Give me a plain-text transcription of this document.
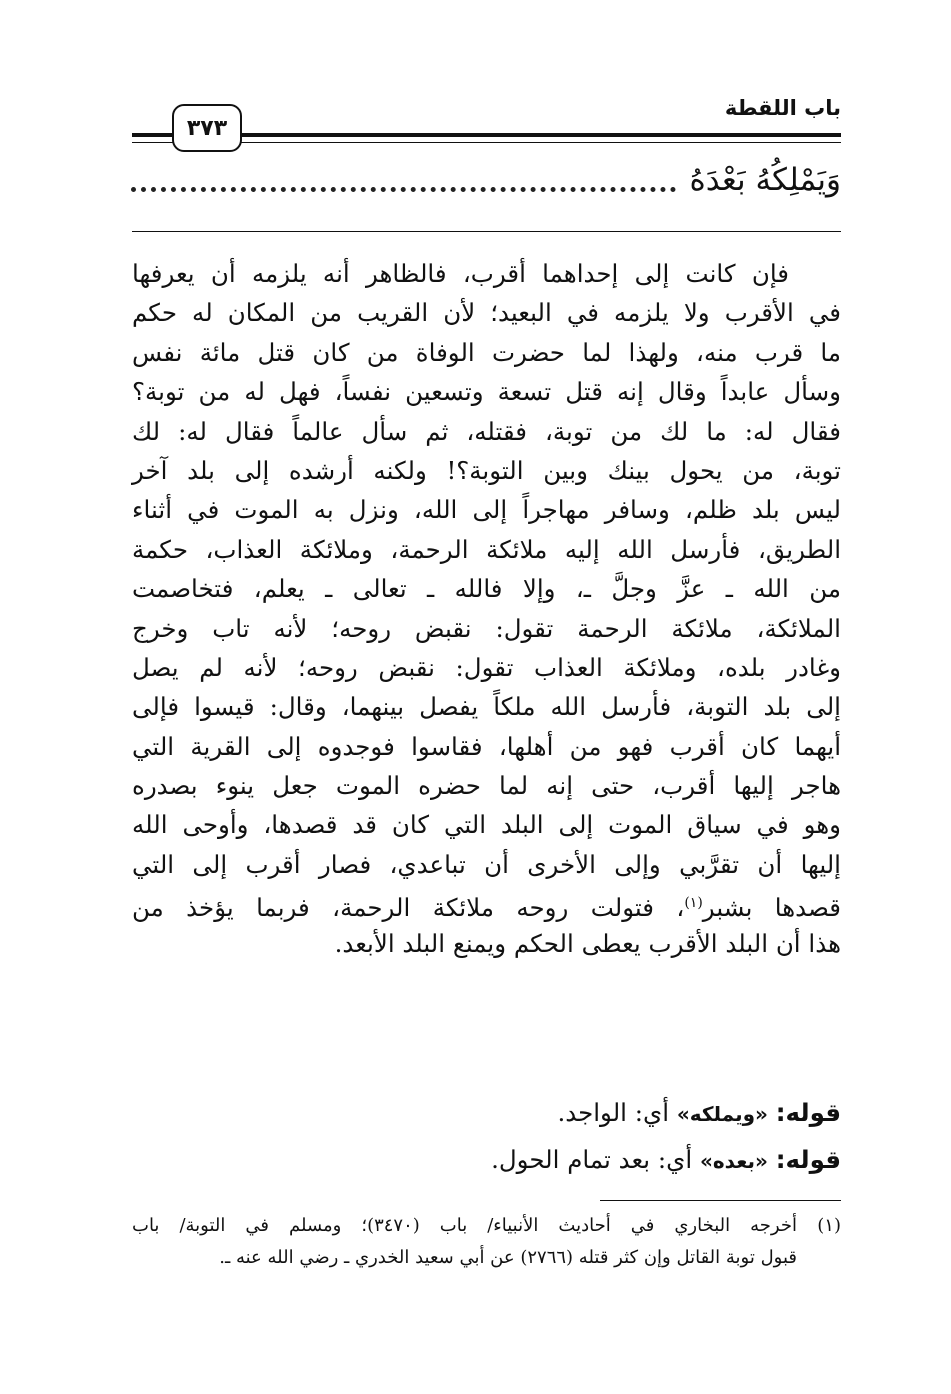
باب اللقطة
٣٧٣
وَيَمْلِكُهُ بَعْدَهُ
فإن كانت إلى إحداهما أقرب، فالظاهر أنه يلزمه أن يعرفها
في الأقرب ولا يلزمه في البعيد؛ لأن القريب من المكان له حكم
ما قرب منه، ولهذا لما حضرت الوفاة من كان قتل مائة نفس
وسأل عابداً وقال إنه قتل تسعة وتسعين نفساً، فهل له من توبة؟
فقال له: ما لك من توبة، فقتله، ثم سأل عالماً فقال له: لك
توبة، من يحول بينك وبين التوبة؟! ولكنه أرشده إلى بلد آخر
ليس بلد ظلم، وسافر مهاجراً إلى الله، ونزل به الموت في أثناء
الطريق، فأرسل الله إليه ملائكة الرحمة، وملائكة العذاب، حكمة
من الله ـ عزَّ وجلَّ ـ، وإلا فالله ـ تعالى ـ يعلم، فتخاصمت
الملائكة، ملائكة الرحمة تقول: نقبض روحه؛ لأنه تاب وخرج
وغادر بلده، وملائكة العذاب تقول: نقبض روحه؛ لأنه لم يصل
إلى بلد التوبة، فأرسل الله ملكاً يفصل بينهما، وقال: قيسوا فإلى
أيهما كان أقرب فهو من أهلها، فقاسوا فوجدوه إلى القرية التي
هاجر إليها أقرب، حتى إنه لما حضره الموت جعل ينوء بصدره
وهو في سياق الموت إلى البلد التي كان قد قصدها، وأوحى الله
إليها أن تقرَّبي وإلى الأخرى أن تباعدي، فصار أقرب إلى التي
قصدها بشبر$^{(١)}$، فتولت روحه ملائكة الرحمة، فربما يؤخذ من
هذا أن البلد الأقرب يعطى الحكم ويمنع البلد الأبعد.
قوله: «ويملكه» أي: الواجد.
قوله: «بعده» أي: بعد تمام الحول.
(١)أخرجه البخاري في أحاديث الأنبياء/ باب (٣٤٧٠)؛ ومسلم في التوبة/ باب
قبول توبة القاتل وإن كثر قتله (٢٧٦٦) عن أبي سعيد الخدري ـ رضي الله عنه ـ.
